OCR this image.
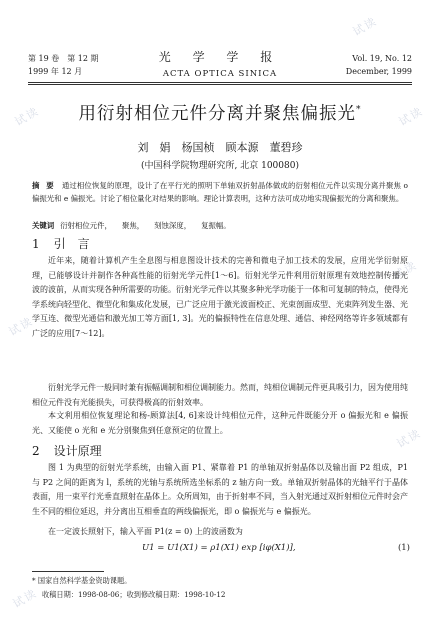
试读
试读
试读
试读
试读
试读
试读
第 19 卷　第 12 期
1999 年 12 月
光 学 学 报
ACTA OPTICA SINICA
Vol. 19, No. 12
December, 1999
用衍射相位元件分离并聚焦偏振光*
刘　娟　杨国桢　顾本源　董碧珍
(中国科学院物理研究所, 北京 100080)
摘 要 通过相位恢复的原理，设计了在平行光的照明下单轴双折射晶体做成的衍射相位元件以实现分离并聚焦 o 偏振光和 e 偏振光。讨论了相位量化对结果的影响。理论计算表明，这种方法可成功地实现偏振光的分离和聚焦。
关键词 衍射相位元件， 聚焦， 刻蚀深度， 复振幅。
1 引　言
近年来，随着计算机产生全息图与相息图设计技术的完善和微电子加工技术的发展，应用光学衍射原理，已能够设计并制作各种高性能的衍射光学元件[1～6]。衍射光学元件利用衍射原理有效地控制传播光波的波前，从而实现各种所需要的功能。衍射光学元件以其聚多种光学功能于一体和可复制的特点，使得光学系统向轻型化、微型化和集成化发展，已广泛应用于激光波面校正、光束剖面成型、光束阵列发生器、光学互连、微型光通信和激光加工等方面[1, 3]。光的偏振特性在信息处理、通信、神经网络等许多领域都有广泛的应用[7～12]。
衍射光学元件一般同时兼有振幅调制和相位调制能力。然而，纯相位调制元件更具吸引力，因为使用纯相位元件没有光能损失，可获得极高的衍射效率。
本文利用相位恢复理论和杨-顾算法[4, 6]来设计纯相位元件，这种元件既能分开 o 偏振光和 e 偏振光、又能使 o 光和 e 光分别聚焦到任意预定的位置上。
2 设计原理
图 1 为典型的衍射光学系统，由输入面 P1、紧靠着 P1 的单轴双折射晶体以及输出面 P2 组成，P1 与 P2 之间的距离为 l，系统的光轴与系统所选坐标系的 z 轴方向一致。单轴双折射晶体的光轴平行于晶体表面，用一束平行光垂直照射在晶体上。众所周知，由于折射率不同，当入射光通过双折射相位元件时会产生不同的相位延迟，并分离出互相垂直的两线偏振光，即 o 偏振光与 e 偏振光。
在一定波长照射下，输入平面 P1(z = 0) 上的波函数为
U1 = U1(X1) = ρ1(X1) exp [iφ(X1)],	(1)
* 国家自然科学基金资助课题。
收稿日期：1998-08-06；收到修改稿日期：1998-10-12
